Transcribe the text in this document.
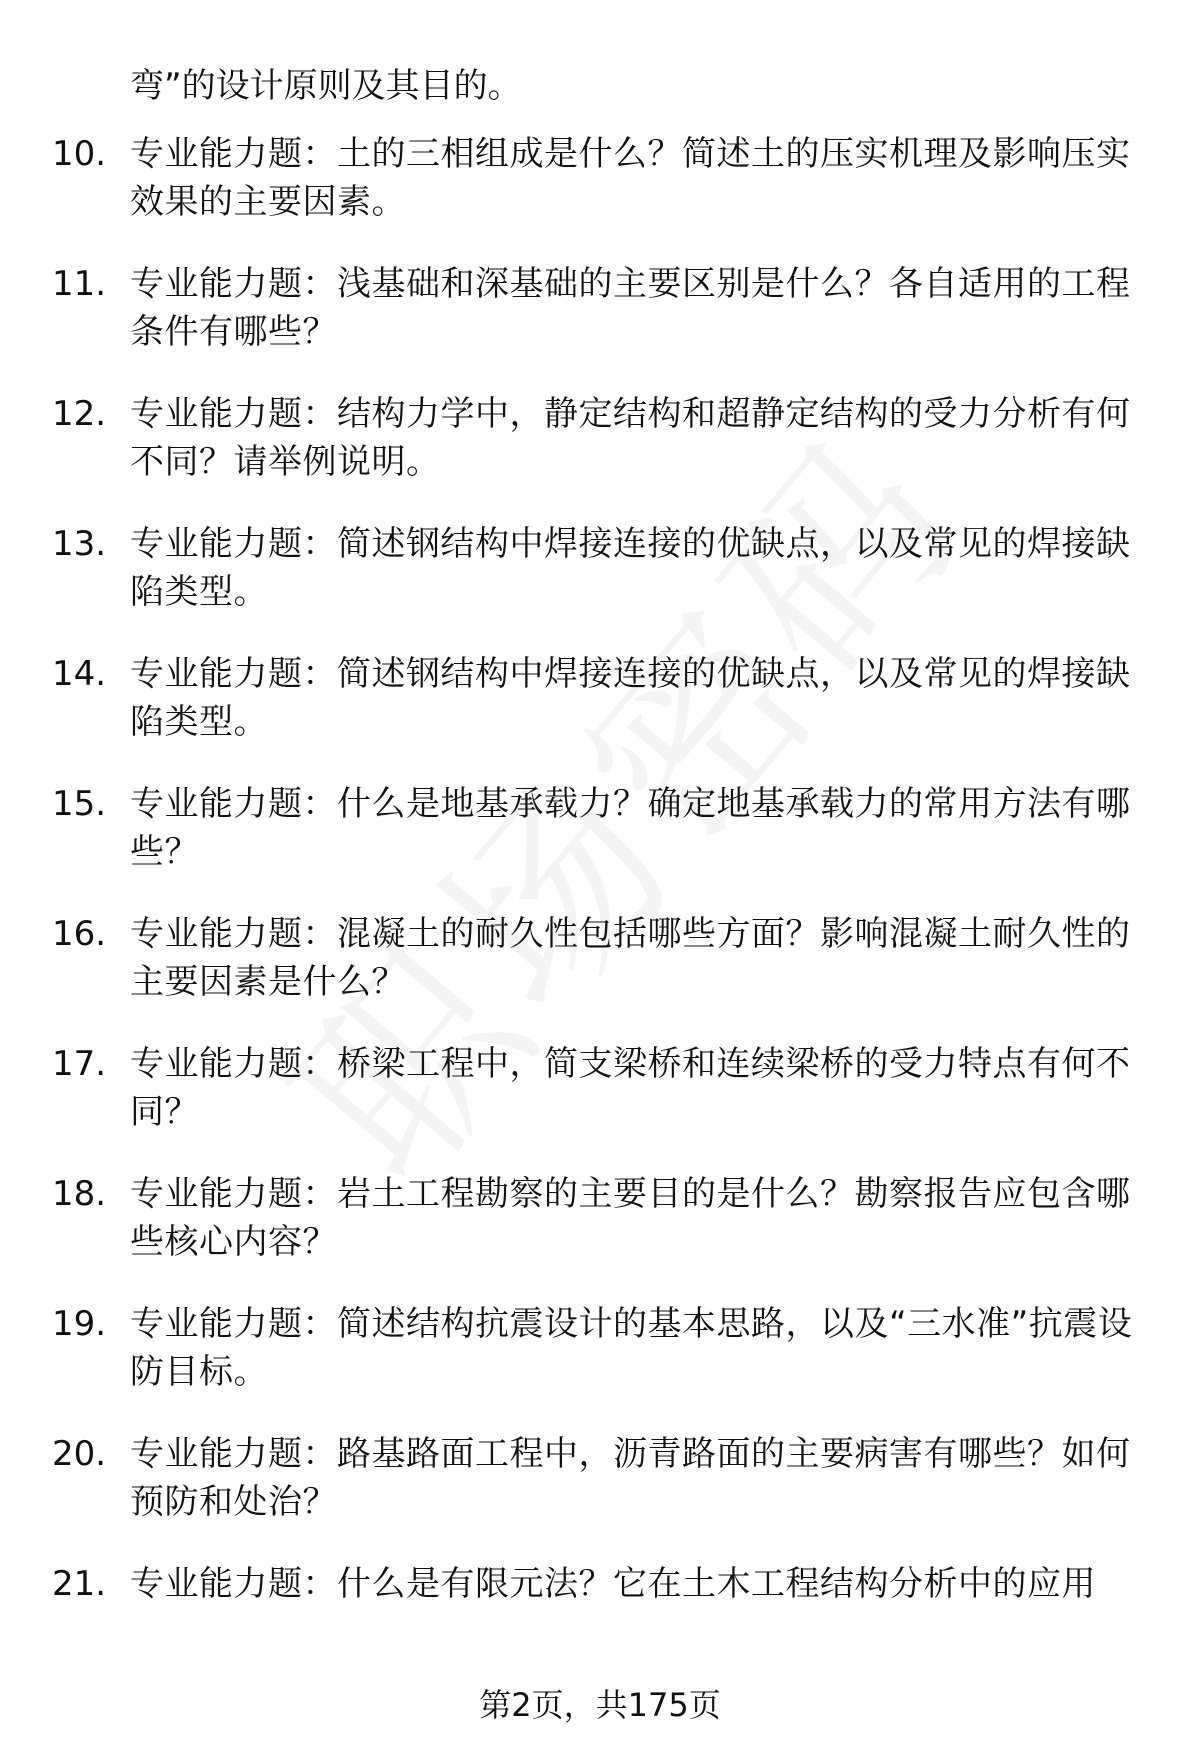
弯”的设计原则及其目的。
10. 专业能力题：土的三相组成是什么？简述土的压实机理及影响压实效果的主要因素。
11. 专业能力题：浅基础和深基础的主要区别是什么？各自适用的工程条件有哪些？
12. 专业能力题：结构力学中，静定结构和超静定结构的受力分析有何不同？请举例说明。
13. 专业能力题：简述钢结构中焊接连接的优缺点，以及常见的焊接缺陷类型。
14. 专业能力题：简述钢结构中焊接连接的优缺点，以及常见的焊接缺陷类型。
15. 专业能力题：什么是地基承载力？确定地基承载力的常用方法有哪些？
16. 专业能力题：混凝土的耐久性包括哪些方面？影响混凝土耐久性的主要因素是什么？
17. 专业能力题：桥梁工程中，简支梁桥和连续梁桥的受力特点有何不同？
18. 专业能力题：岩土工程勘察的主要目的是什么？勘察报告应包含哪些核心内容？
19. 专业能力题：简述结构抗震设计的基本思路，以及“三水准”抗震设防目标。
20. 专业能力题：路基路面工程中，沥青路面的主要病害有哪些？如何预防和处治？
21. 专业能力题：什么是有限元法？它在土木工程结构分析中的应用
第2页，共175页
